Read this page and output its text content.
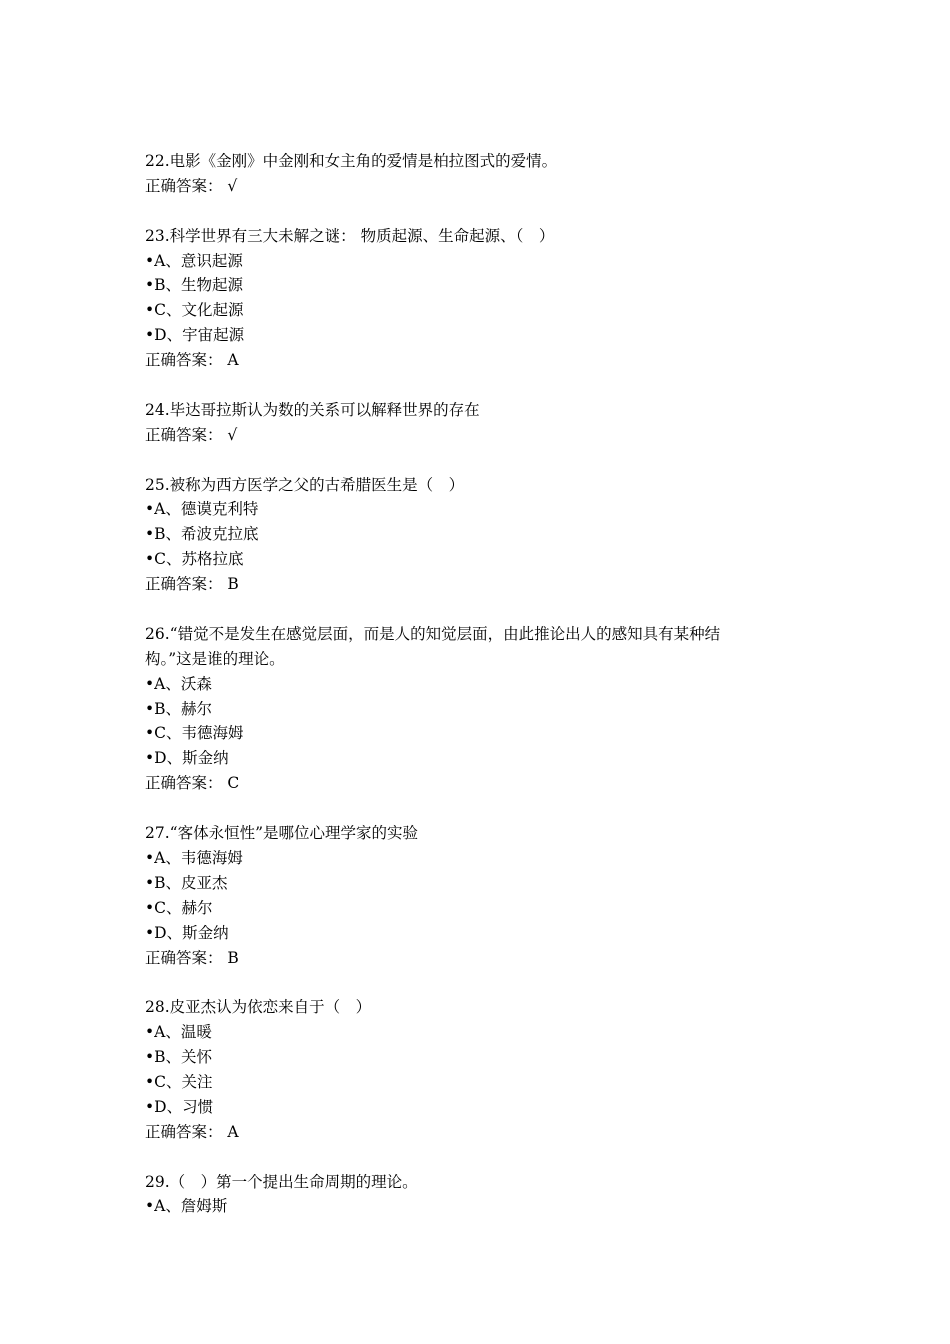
22.电影《金刚》中金刚和女主角的爱情是柏拉图式的爱情。
正确答案： √
23.科学世界有三大未解之谜： 物质起源、生命起源、（　）
•A、意识起源
•B、生物起源
•C、文化起源
•D、宇宙起源
正确答案： A
24.毕达哥拉斯认为数的关系可以解释世界的存在
正确答案： √
25.被称为西方医学之父的古希腊医生是（　）
•A、德谟克利特
•B、希波克拉底
•C、苏格拉底
正确答案： B
26.“错觉不是发生在感觉层面，而是人的知觉层面，由此推论出人的感知具有某种结
构。”这是谁的理论。
•A、沃森
•B、赫尔
•C、韦德海姆
•D、斯金纳
正确答案： C
27.“客体永恒性”是哪位心理学家的实验
•A、韦德海姆
•B、皮亚杰
•C、赫尔
•D、斯金纳
正确答案： B
28.皮亚杰认为依恋来自于（　）
•A、温暖
•B、关怀
•C、关注
•D、习惯
正确答案： A
29.（　）第一个提出生命周期的理论。
•A、詹姆斯
